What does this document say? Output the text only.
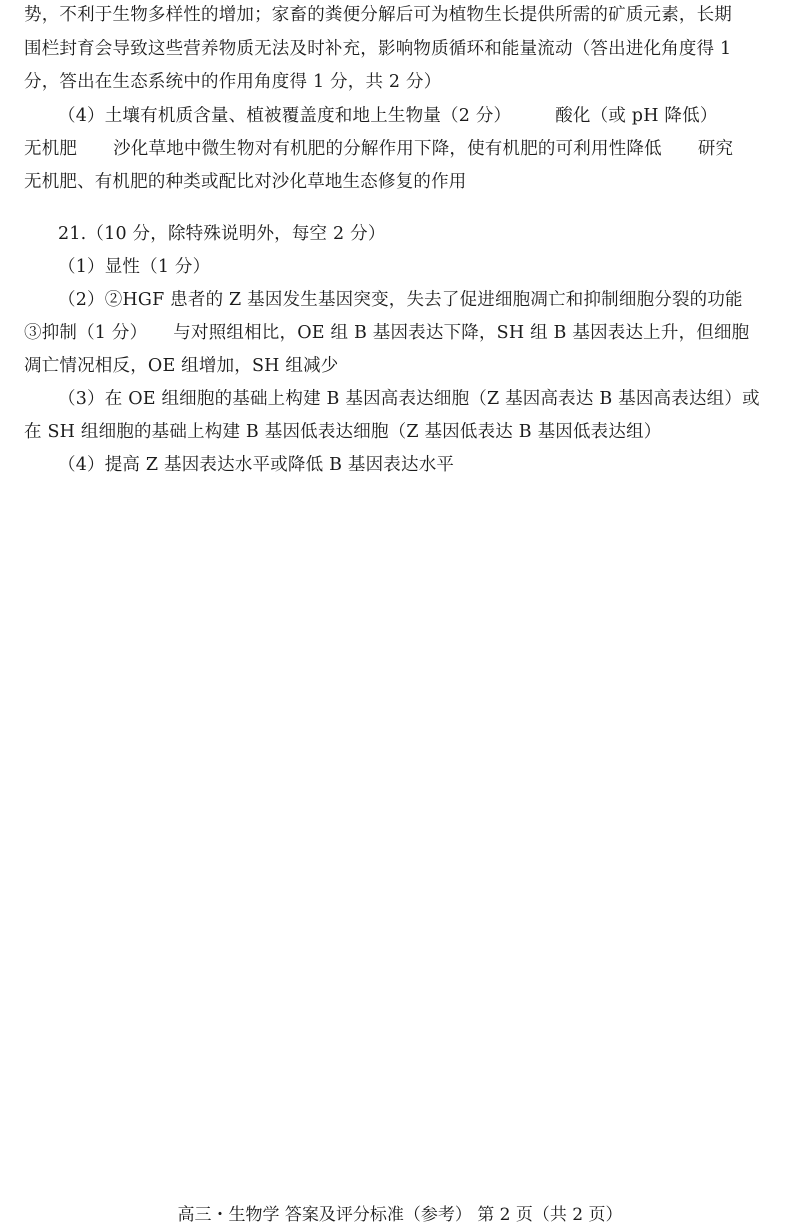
势，不利于生物多样性的增加；家畜的粪便分解后可为植物生长提供所需的矿质元素，长期
围栏封育会导致这些营养物质无法及时补充，影响物质循环和能量流动（答出进化角度得 1
分，答出在生态系统中的作用角度得 1 分，共 2 分）
（4）土壤有机质含量、植被覆盖度和地上生物量（2 分）	酸化（或 pH 降低）
无机肥 沙化草地中微生物对有机肥的分解作用下降，使有机肥的可利用性降低 研究
无机肥、有机肥的种类或配比对沙化草地生态修复的作用
21.（10 分，除特殊说明外，每空 2 分）
（1）显性（1 分）
（2）②HGF 患者的 Z 基因发生基因突变，失去了促进细胞凋亡和抑制细胞分裂的功能
③抑制（1 分） 与对照组相比，OE 组 B 基因表达下降，SH 组 B 基因表达上升，但细胞
凋亡情况相反，OE 组增加，SH 组减少
（3）在 OE 组细胞的基础上构建 B 基因高表达细胞（Z 基因高表达 B 基因高表达组）或
在 SH 组细胞的基础上构建 B 基因低表达细胞（Z 基因低表达 B 基因低表达组）
（4）提高 Z 基因表达水平或降低 B 基因表达水平
高三・生物学 答案及评分标准（参考） 第 2 页（共 2 页）
